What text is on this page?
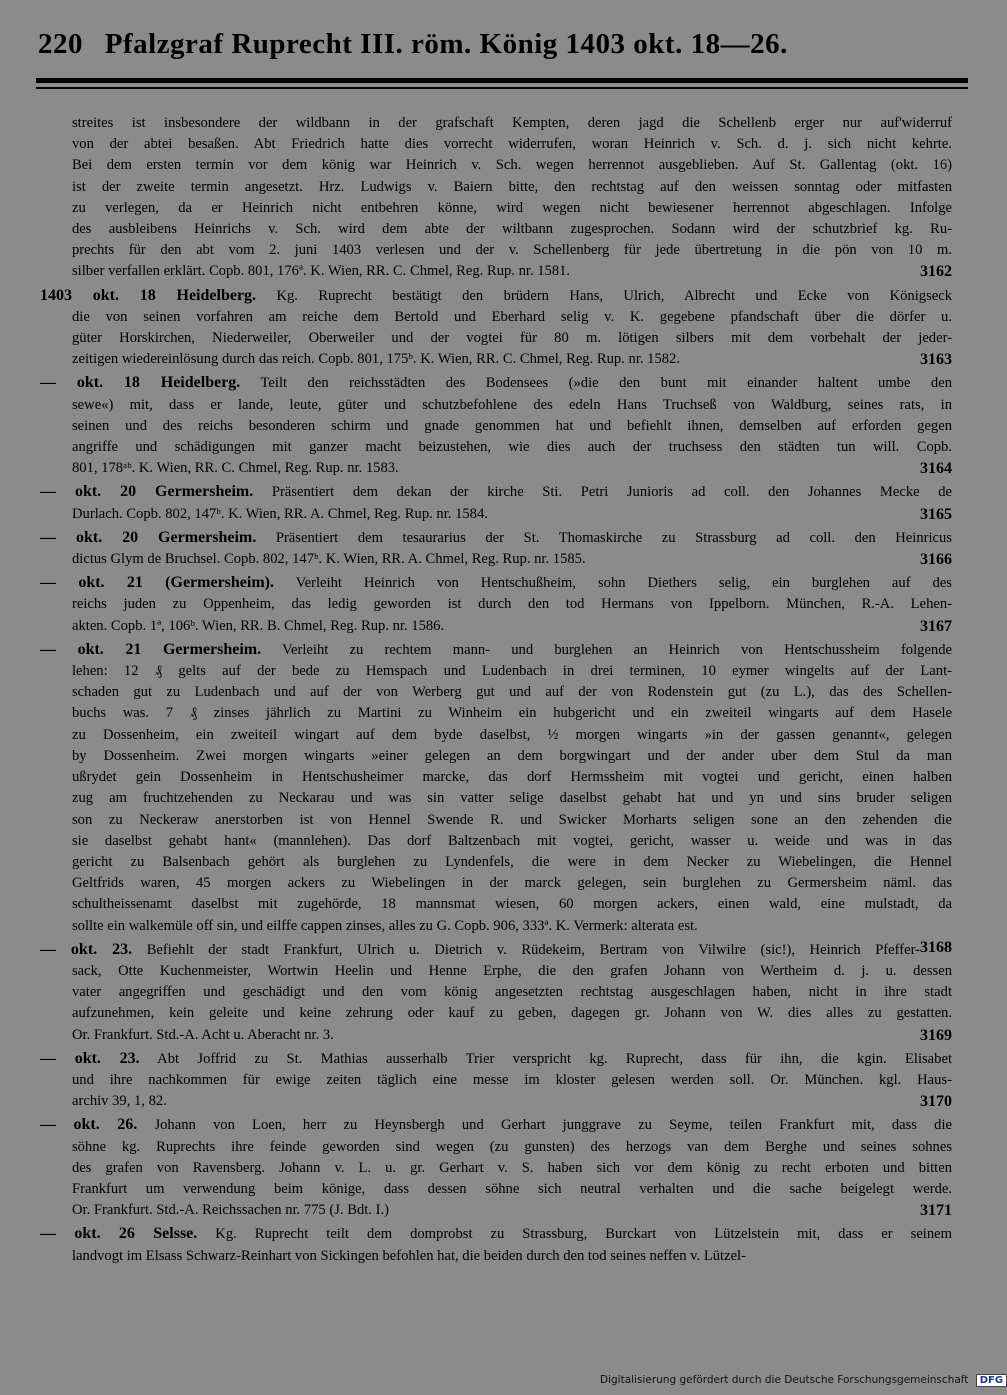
220 Pfalzgraf Ruprecht III. röm. König 1403 okt. 18—26.
streites ist insbesondere der wildbann in der grafschaft Kempten, deren jagd die Schellenb erger nur auf'widerruf
von der abtei besaßen. Abt Friedrich hatte dies vorrecht widerrufen, woran Heinrich v. Sch. d. j. sich nicht kehrte.
Bei dem ersten termin vor dem könig war Heinrich v. Sch. wegen herrennot ausgeblieben. Auf St. Gallentag (okt. 16)
ist der zweite termin angesetzt. Hrz. Ludwigs v. Baiern bitte, den rechtstag auf den weissen sonntag oder mitfasten
zu verlegen, da er Heinrich nicht entbehren könne, wird wegen nicht bewiesener herrennot abgeschlagen. Infolge
des ausbleibens Heinrichs v. Sch. wird dem abte der wiltbann zugesprochen. Sodann wird der schutzbrief kg. Ru-
prechts für den abt vom 2. juni 1403 verlesen und der v. Schellenberg für jede übertretung in die pön von 10 m.
3162
silber verfallen erklärt. Copb. 801, 176ª. K. Wien, RR. C. Chmel, Reg. Rup. nr. 1581.
1403 okt. 18 Heidelberg. Kg. Ruprecht bestätigt den brüdern Hans, Ulrich, Albrecht und Ecke von Königseck
die von seinen vorfahren am reiche dem Bertold und Eberhard selig v. K. gegebene pfandschaft über die dörfer u.
güter Horskirchen, Niederweiler, Oberweiler und der vogtei für 80 m. lötigen silbers mit dem vorbehalt der jeder-
3163
zeitigen wiedereinlösung durch das reich. Copb. 801, 175ᵇ. K. Wien, RR. C. Chmel, Reg. Rup. nr. 1582.
— okt. 18 Heidelberg. Teilt den reichsstädten des Bodensees (»die den bunt mit einander haltent umbe den
sewe«) mit, dass er lande, leute, güter und schutzbefohlene des edeln Hans Truchseß von Waldburg, seines rats, in
seinen und des reichs besonderen schirm und gnade genommen hat und befiehlt ihnen, demselben auf erforden gegen
angriffe und schädigungen mit ganzer macht beizustehen, wie dies auch der truchsess den städten tun will. Copb.
3164
801, 178ᵃᵇ. K. Wien, RR. C. Chmel, Reg. Rup. nr. 1583.
— okt. 20 Germersheim. Präsentiert dem dekan der kirche Sti. Petri Junioris ad coll. den Johannes Mecke de
3165
Durlach. Copb. 802, 147ᵇ. K. Wien, RR. A. Chmel, Reg. Rup. nr. 1584.
— okt. 20 Germersheim. Präsentiert dem tesaurarius der St. Thomaskirche zu Strassburg ad coll. den Heinricus
3166
dictus Glym de Bruchsel. Copb. 802, 147ᵇ. K. Wien, RR. A. Chmel, Reg. Rup. nr. 1585.
— okt. 21 (Germersheim). Verleiht Heinrich von Hentschußheim, sohn Diethers selig, ein burglehen auf des
reichs juden zu Oppenheim, das ledig geworden ist durch den tod Hermans von Ippelborn. München, R.-A. Lehen-
3167
akten. Copb. 1ª, 106ᵇ. Wien, RR. B. Chmel, Reg. Rup. nr. 1586.
— okt. 21 Germersheim. Verleiht zu rechtem mann- und burglehen an Heinrich von Hentschussheim folgende
lehen: 12 ₰ gelts auf der bede zu Hemspach und Ludenbach in drei terminen, 10 eymer wingelts auf der Lant-
schaden gut zu Ludenbach und auf der von Werberg gut und auf der von Rodenstein gut (zu L.), das des Schellen-
buchs was. 7 ₰ zinses jährlich zu Martini zu Winheim ein hubgericht und ein zweiteil wingarts auf dem Hasele
zu Dossenheim, ein zweiteil wingart auf dem byde daselbst, ½ morgen wingarts »in der gassen genannt«, gelegen
by Dossenheim. Zwei morgen wingarts »einer gelegen an dem borgwingart und der ander uber dem Stul da man
ußrydet gein Dossenheim in Hentschusheimer marcke, das dorf Hermssheim mit vogtei und gericht, einen halben
zug am fruchtzehenden zu Neckarau und was sin vatter selige daselbst gehabt hat und yn und sins bruder seligen
son zu Neckeraw anerstorben ist von Hennel Swende R. und Swicker Morharts seligen sone an den zehenden die
sie daselbst gehabt hant« (mannlehen). Das dorf Baltzenbach mit vogtei, gericht, wasser u. weide und was in das
gericht zu Balsenbach gehört als burglehen zu Lyndenfels, die were in dem Necker zu Wiebelingen, die Hennel
Geltfrids waren, 45 morgen ackers zu Wiebelingen in der marck gelegen, sein burglehen zu Germersheim näml. das
schultheissenamt daselbst mit zugehörde, 18 mannsmat wiesen, 60 morgen ackers, einen wald, eine mulstadt, da
sollte ein walkemüle off sin, und eilffe cappen zinses, alles zu G. Copb. 906, 333ª. K. Vermerk: alterata est.
3168
— okt. 23. Befiehlt der stadt Frankfurt, Ulrich u. Dietrich v. Rüdekeim, Bertram von Vilwilre (sic!), Heinrich Pfeffer-
sack, Otte Kuchenmeister, Wortwin Heelin und Henne Erphe, die den grafen Johann von Wertheim d. j. u. dessen
vater angegriffen und geschädigt und den vom könig angesetzten rechtstag ausgeschlagen haben, nicht in ihre stadt
aufzunehmen, kein geleite und keine zehrung oder kauf zu geben, dagegen gr. Johann von W. dies alles zu gestatten.
3169
Or. Frankfurt. Std.-A. Acht u. Aberacht nr. 3.
— okt. 23. Abt Joffrid zu St. Mathias ausserhalb Trier verspricht kg. Ruprecht, dass für ihn, die kgin. Elisabet
und ihre nachkommen für ewige zeiten täglich eine messe im kloster gelesen werden soll. Or. München. kgl. Haus-
3170
archiv 39, 1, 82.
— okt. 26. Johann von Loen, herr zu Heynsbergh und Gerhart junggrave zu Seyme, teilen Frankfurt mit, dass die
söhne kg. Ruprechts ihre feinde geworden sind wegen (zu gunsten) des herzogs van dem Berghe und seines sohnes
des grafen von Ravensberg. Johann v. L. u. gr. Gerhart v. S. haben sich vor dem könig zu recht erboten und bitten
Frankfurt um verwendung beim könige, dass dessen söhne sich neutral verhalten und die sache beigelegt werde.
3171
Or. Frankfurt. Std.-A. Reichssachen nr. 775 (J. Bdt. I.)
— okt. 26 Selsse. Kg. Ruprecht teilt dem domprobst zu Strassburg, Burckart von Lützelstein mit, dass er seinem
landvogt im Elsass Schwarz-Reinhart von Sickingen befohlen hat, die beiden durch den tod seines neffen v. Lützel-
Digitalisierung gefördert durch die Deutsche Forschungsgemeinschaft DFG
